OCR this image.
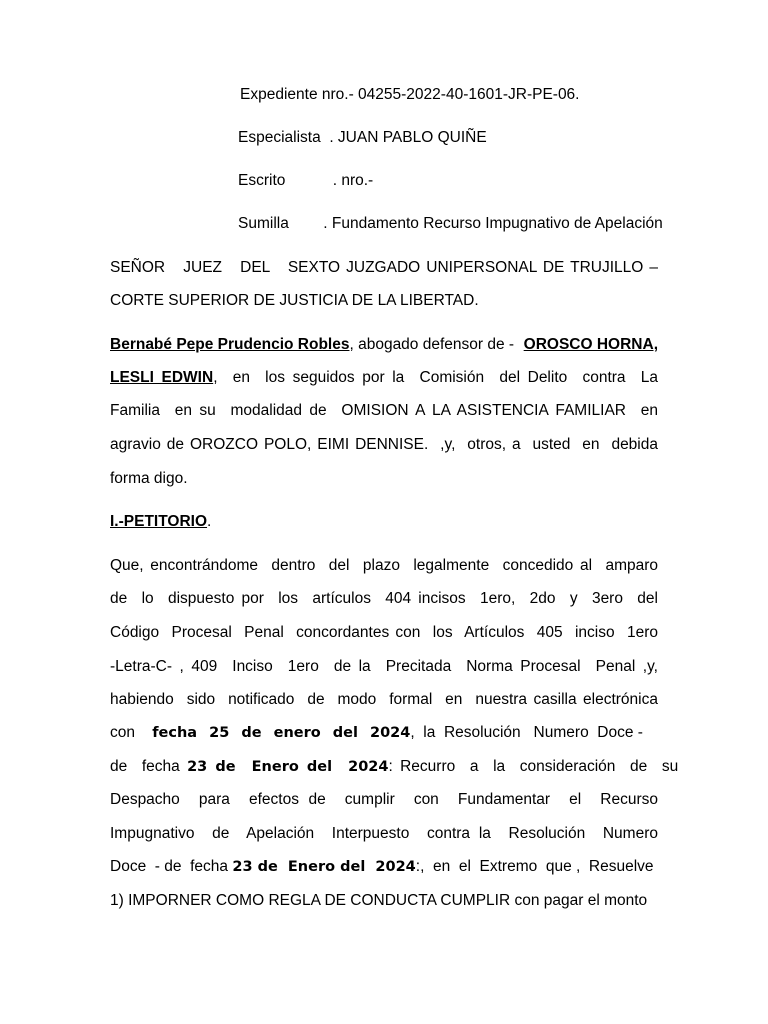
Expediente nro.- 04255-2022-40-1601-JR-PE-06.
Especialista  . JUAN PABLO QUIÑE
Escrito           . nro.-
Sumilla        . Fundamento Recurso Impugnativo de Apelación
SEÑOR   JUEZ   DEL   SEXTO JUZGADO UNIPERSONAL DE TRUJILLO –
CORTE SUPERIOR DE JUSTICIA DE LA LIBERTAD.
Bernabé Pepe Prudencio Robles, abogado defensor de - OROSCO HORNA,
LESLI EDWIN,  en  los seguidos por la  Comisión  del Delito  contra  La
Familia  en su  modalidad de  OMISION A LA ASISTENCIA FAMILIAR  en
agravio de OROZCO POLO, EIMI DENNISE.  ,y,  otros, a  usted  en  debida
forma digo.
I.-PETITORIO.
Que, encontrándome  dentro  del  plazo  legalmente  concedido al  amparo
de  lo  dispuesto por  los  artículos  404 incisos  1ero,  2do  y  3ero  del
Código  Procesal  Penal  concordantes con  los  Artículos  405  inciso  1ero
-Letra-C- , 409  Inciso  1ero  de la  Precitada  Norma Procesal  Penal ,y,
habiendo  sido  notificado  de  modo  formal  en  nuestra casilla electrónica
con fecha 25 de enero del 2024,  la  Resolución   Numero  Doce -
de  fecha 23 de  Enero del  2024: Recurro  a  la  consideración  de  su
Despacho  para  efectos de  cumplir  con  Fundamentar  el  Recurso
Impugnativo  de  Apelación  Interpuesto  contra la  Resolución  Numero
Doce  - de  fecha 23 de  Enero del  2024:,  en  el  Extremo  que ,  Resuelve
1) IMPORNER COMO REGLA DE CONDUCTA CUMPLIR con pagar el monto
